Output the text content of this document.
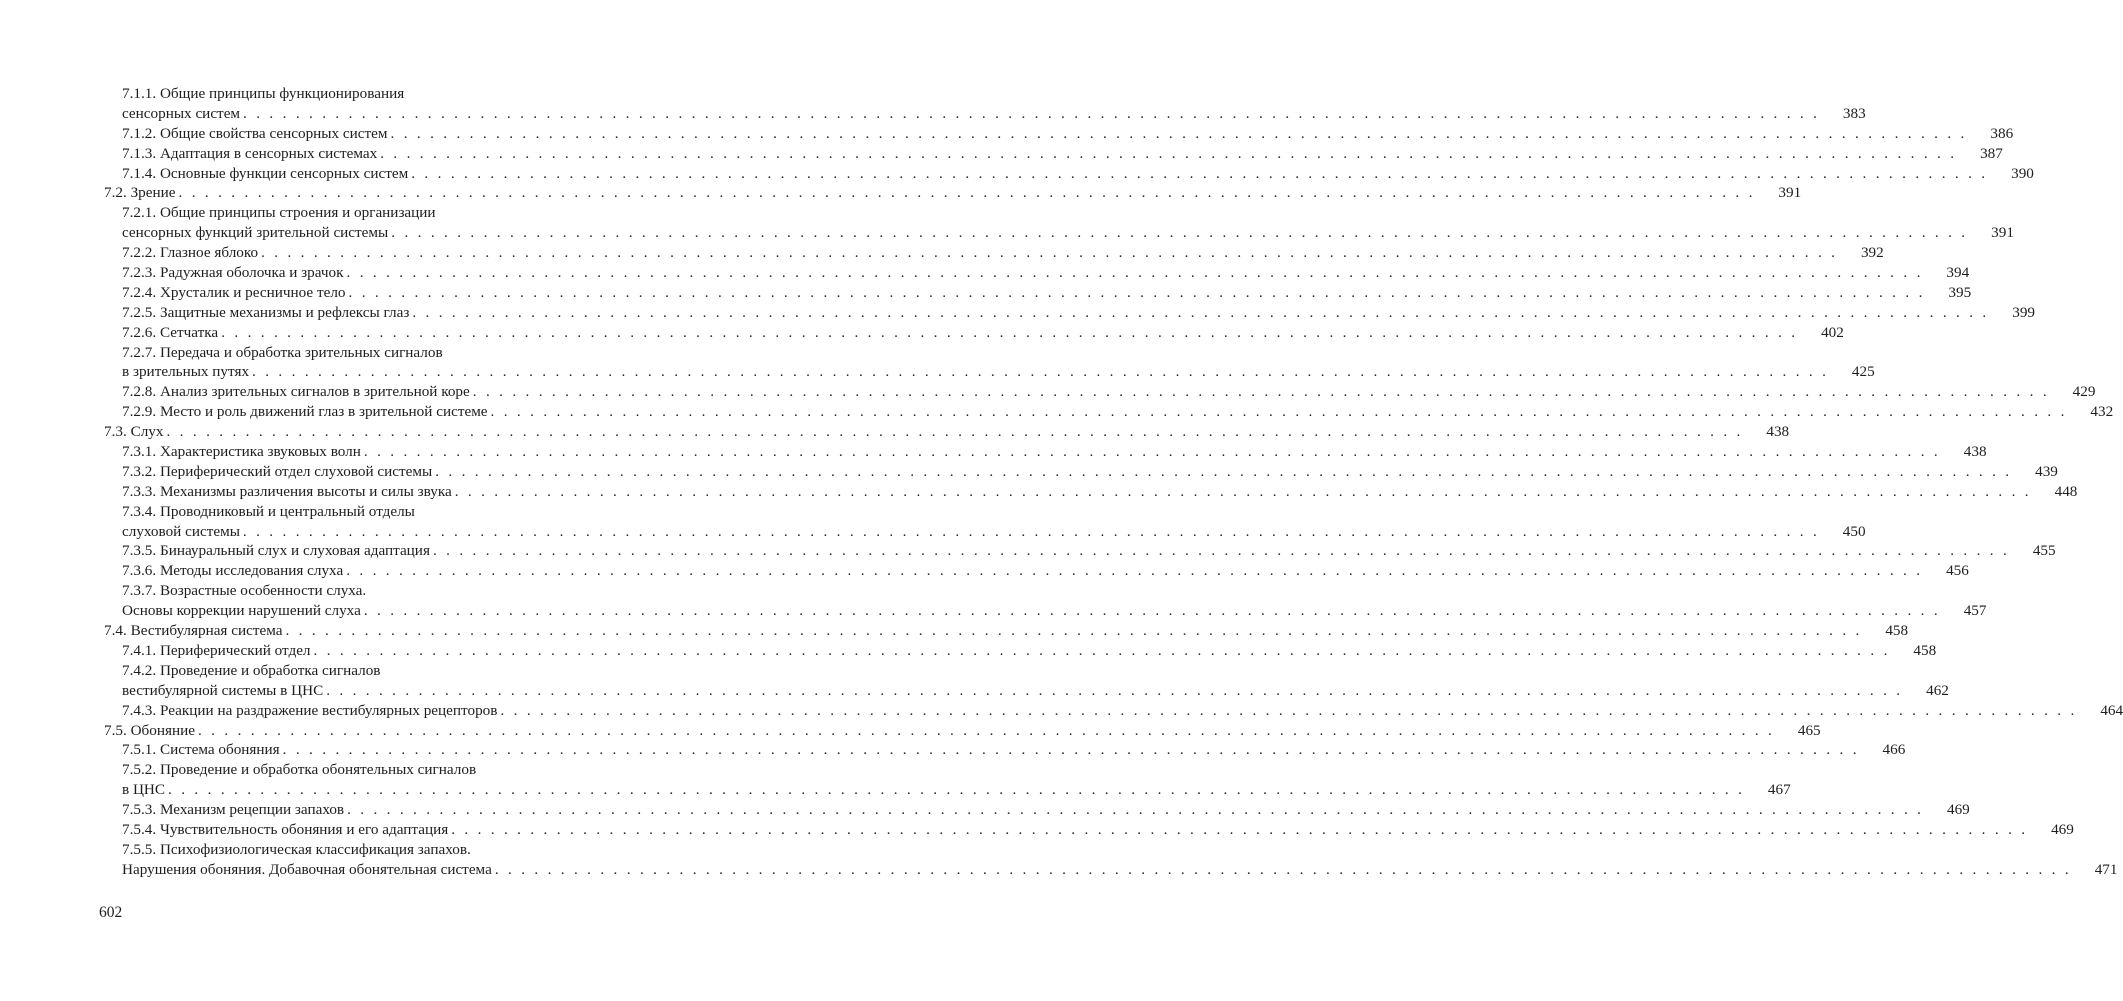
7.1.1. Общие принципы функционирования
сенсорных систем . . . . . . . . . . . . . . . . . . . . . . . . . . . . . . . . . . . . . . . . . . . . . . . . . . . . . . . . . . . . . . . . . . . . . . . . . . . . . . . . . . . . . . . . . . . . . . . . . . . . . . . . . . . . . . . . . . . . . . . .	383
7.1.2. Общие свойства сенсорных систем . . . . . . . . . . . . . . . . . . . . . . . . . . . . . . . . . . . . . . . . . . . . . . . . . . . . . . . . . . . . . . . . . . . . . . . . . . . . . . . . . . . . . . . . . . . . . . . . . . . . . . . . . . . . . . . . . . . . . . . .	386
7.1.3. Адаптация в сенсорных системах . . . . . . . . . . . . . . . . . . . . . . . . . . . . . . . . . . . . . . . . . . . . . . . . . . . . . . . . . . . . . . . . . . . . . . . . . . . . . . . . . . . . . . . . . . . . . . . . . . . . . . . . . . . . . . . . . . . . . . . .	387
7.1.4. Основные функции сенсорных систем . . . . . . . . . . . . . . . . . . . . . . . . . . . . . . . . . . . . . . . . . . . . . . . . . . . . . . . . . . . . . . . . . . . . . . . . . . . . . . . . . . . . . . . . . . . . . . . . . . . . . . . . . . . . . . . . . . . . . . . .	390
7.2. Зрение . . . . . . . . . . . . . . . . . . . . . . . . . . . . . . . . . . . . . . . . . . . . . . . . . . . . . . . . . . . . . . . . . . . . . . . . . . . . . . . . . . . . . . . . . . . . . . . . . . . . . . . . . . . . . . . . . . . . . . . .	391
7.2.1. Общие принципы строения и организации
сенсорных функций зрительной системы . . . . . . . . . . . . . . . . . . . . . . . . . . . . . . . . . . . . . . . . . . . . . . . . . . . . . . . . . . . . . . . . . . . . . . . . . . . . . . . . . . . . . . . . . . . . . . . . . . . . . . . . . . . . . . . . . . . . . . . .	391
7.2.2. Глазное яблоко . . . . . . . . . . . . . . . . . . . . . . . . . . . . . . . . . . . . . . . . . . . . . . . . . . . . . . . . . . . . . . . . . . . . . . . . . . . . . . . . . . . . . . . . . . . . . . . . . . . . . . . . . . . . . . . . . . . . . . . .	392
7.2.3. Радужная оболочка и зрачок . . . . . . . . . . . . . . . . . . . . . . . . . . . . . . . . . . . . . . . . . . . . . . . . . . . . . . . . . . . . . . . . . . . . . . . . . . . . . . . . . . . . . . . . . . . . . . . . . . . . . . . . . . . . . . . . . . . . . . . .	394
7.2.4. Хрусталик и ресничное тело . . . . . . . . . . . . . . . . . . . . . . . . . . . . . . . . . . . . . . . . . . . . . . . . . . . . . . . . . . . . . . . . . . . . . . . . . . . . . . . . . . . . . . . . . . . . . . . . . . . . . . . . . . . . . . . . . . . . . . . .	395
7.2.5. Защитные механизмы и рефлексы глаз . . . . . . . . . . . . . . . . . . . . . . . . . . . . . . . . . . . . . . . . . . . . . . . . . . . . . . . . . . . . . . . . . . . . . . . . . . . . . . . . . . . . . . . . . . . . . . . . . . . . . . . . . . . . . . . . . . . . . . . .	399
7.2.6. Сетчатка . . . . . . . . . . . . . . . . . . . . . . . . . . . . . . . . . . . . . . . . . . . . . . . . . . . . . . . . . . . . . . . . . . . . . . . . . . . . . . . . . . . . . . . . . . . . . . . . . . . . . . . . . . . . . . . . . . . . . . . .	402
7.2.7. Передача и обработка зрительных сигналов
в зрительных путях . . . . . . . . . . . . . . . . . . . . . . . . . . . . . . . . . . . . . . . . . . . . . . . . . . . . . . . . . . . . . . . . . . . . . . . . . . . . . . . . . . . . . . . . . . . . . . . . . . . . . . . . . . . . . . . . . . . . . . . .	425
7.2.8. Анализ зрительных сигналов в зрительной коре . . . . . . . . . . . . . . . . . . . . . . . . . . . . . . . . . . . . . . . . . . . . . . . . . . . . . . . . . . . . . . . . . . . . . . . . . . . . . . . . . . . . . . . . . . . . . . . . . . . . . . . . . . . . . . . . . . . . . . . .	429
7.2.9. Место и роль движений глаз в зрительной системе . . . . . . . . . . . . . . . . . . . . . . . . . . . . . . . . . . . . . . . . . . . . . . . . . . . . . . . . . . . . . . . . . . . . . . . . . . . . . . . . . . . . . . . . . . . . . . . . . . . . . . . . . . . . . . . . . . . . . . . .	432
7.3. Слух . . . . . . . . . . . . . . . . . . . . . . . . . . . . . . . . . . . . . . . . . . . . . . . . . . . . . . . . . . . . . . . . . . . . . . . . . . . . . . . . . . . . . . . . . . . . . . . . . . . . . . . . . . . . . . . . . . . . . . . .	438
7.3.1. Характеристика звуковых волн . . . . . . . . . . . . . . . . . . . . . . . . . . . . . . . . . . . . . . . . . . . . . . . . . . . . . . . . . . . . . . . . . . . . . . . . . . . . . . . . . . . . . . . . . . . . . . . . . . . . . . . . . . . . . . . . . . . . . . . .	438
7.3.2. Периферический отдел слуховой системы . . . . . . . . . . . . . . . . . . . . . . . . . . . . . . . . . . . . . . . . . . . . . . . . . . . . . . . . . . . . . . . . . . . . . . . . . . . . . . . . . . . . . . . . . . . . . . . . . . . . . . . . . . . . . . . . . . . . . . . .	439
7.3.3. Механизмы различения высоты и силы звука . . . . . . . . . . . . . . . . . . . . . . . . . . . . . . . . . . . . . . . . . . . . . . . . . . . . . . . . . . . . . . . . . . . . . . . . . . . . . . . . . . . . . . . . . . . . . . . . . . . . . . . . . . . . . . . . . . . . . . . .	448
7.3.4. Проводниковый и центральный отделы
слуховой системы . . . . . . . . . . . . . . . . . . . . . . . . . . . . . . . . . . . . . . . . . . . . . . . . . . . . . . . . . . . . . . . . . . . . . . . . . . . . . . . . . . . . . . . . . . . . . . . . . . . . . . . . . . . . . . . . . . . . . . . .	450
7.3.5. Бинауральный слух и слуховая адаптация . . . . . . . . . . . . . . . . . . . . . . . . . . . . . . . . . . . . . . . . . . . . . . . . . . . . . . . . . . . . . . . . . . . . . . . . . . . . . . . . . . . . . . . . . . . . . . . . . . . . . . . . . . . . . . . . . . . . . . . .	455
7.3.6. Методы исследования слуха . . . . . . . . . . . . . . . . . . . . . . . . . . . . . . . . . . . . . . . . . . . . . . . . . . . . . . . . . . . . . . . . . . . . . . . . . . . . . . . . . . . . . . . . . . . . . . . . . . . . . . . . . . . . . . . . . . . . . . . .	456
7.3.7. Возрастные особенности слуха.
Основы коррекции нарушений слуха . . . . . . . . . . . . . . . . . . . . . . . . . . . . . . . . . . . . . . . . . . . . . . . . . . . . . . . . . . . . . . . . . . . . . . . . . . . . . . . . . . . . . . . . . . . . . . . . . . . . . . . . . . . . . . . . . . . . . . . .	457
7.4. Вестибулярная система . . . . . . . . . . . . . . . . . . . . . . . . . . . . . . . . . . . . . . . . . . . . . . . . . . . . . . . . . . . . . . . . . . . . . . . . . . . . . . . . . . . . . . . . . . . . . . . . . . . . . . . . . . . . . . . . . . . . . . . .	458
7.4.1. Периферический отдел . . . . . . . . . . . . . . . . . . . . . . . . . . . . . . . . . . . . . . . . . . . . . . . . . . . . . . . . . . . . . . . . . . . . . . . . . . . . . . . . . . . . . . . . . . . . . . . . . . . . . . . . . . . . . . . . . . . . . . . .	458
7.4.2. Проведение и обработка сигналов
вестибулярной системы в ЦНС . . . . . . . . . . . . . . . . . . . . . . . . . . . . . . . . . . . . . . . . . . . . . . . . . . . . . . . . . . . . . . . . . . . . . . . . . . . . . . . . . . . . . . . . . . . . . . . . . . . . . . . . . . . . . . . . . . . . . . . .	462
7.4.3. Реакции на раздражение вестибулярных рецепторов . . . . . . . . . . . . . . . . . . . . . . . . . . . . . . . . . . . . . . . . . . . . . . . . . . . . . . . . . . . . . . . . . . . . . . . . . . . . . . . . . . . . . . . . . . . . . . . . . . . . . . . . . . . . . . . . . . . . . . . .	464
7.5. Обоняние . . . . . . . . . . . . . . . . . . . . . . . . . . . . . . . . . . . . . . . . . . . . . . . . . . . . . . . . . . . . . . . . . . . . . . . . . . . . . . . . . . . . . . . . . . . . . . . . . . . . . . . . . . . . . . . . . . . . . . . .	465
7.5.1. Система обоняния . . . . . . . . . . . . . . . . . . . . . . . . . . . . . . . . . . . . . . . . . . . . . . . . . . . . . . . . . . . . . . . . . . . . . . . . . . . . . . . . . . . . . . . . . . . . . . . . . . . . . . . . . . . . . . . . . . . . . . . .	466
7.5.2. Проведение и обработка обонятельных сигналов
в ЦНС . . . . . . . . . . . . . . . . . . . . . . . . . . . . . . . . . . . . . . . . . . . . . . . . . . . . . . . . . . . . . . . . . . . . . . . . . . . . . . . . . . . . . . . . . . . . . . . . . . . . . . . . . . . . . . . . . . . . . . . .	467
7.5.3. Механизм рецепции запахов . . . . . . . . . . . . . . . . . . . . . . . . . . . . . . . . . . . . . . . . . . . . . . . . . . . . . . . . . . . . . . . . . . . . . . . . . . . . . . . . . . . . . . . . . . . . . . . . . . . . . . . . . . . . . . . . . . . . . . . .	469
7.5.4. Чувствительность обоняния и его адаптация . . . . . . . . . . . . . . . . . . . . . . . . . . . . . . . . . . . . . . . . . . . . . . . . . . . . . . . . . . . . . . . . . . . . . . . . . . . . . . . . . . . . . . . . . . . . . . . . . . . . . . . . . . . . . . . . . . . . . . . .	469
7.5.5. Психофизиологическая классификация запахов.
Нарушения обоняния. Добавочная обонятельная система . . . . . . . . . . . . . . . . . . . . . . . . . . . . . . . . . . . . . . . . . . . . . . . . . . . . . . . . . . . . . . . . . . . . . . . . . . . . . . . . . . . . . . . . . . . . . . . . . . . . . . . . . . . . . . . . . . . . . . . .	471
602
